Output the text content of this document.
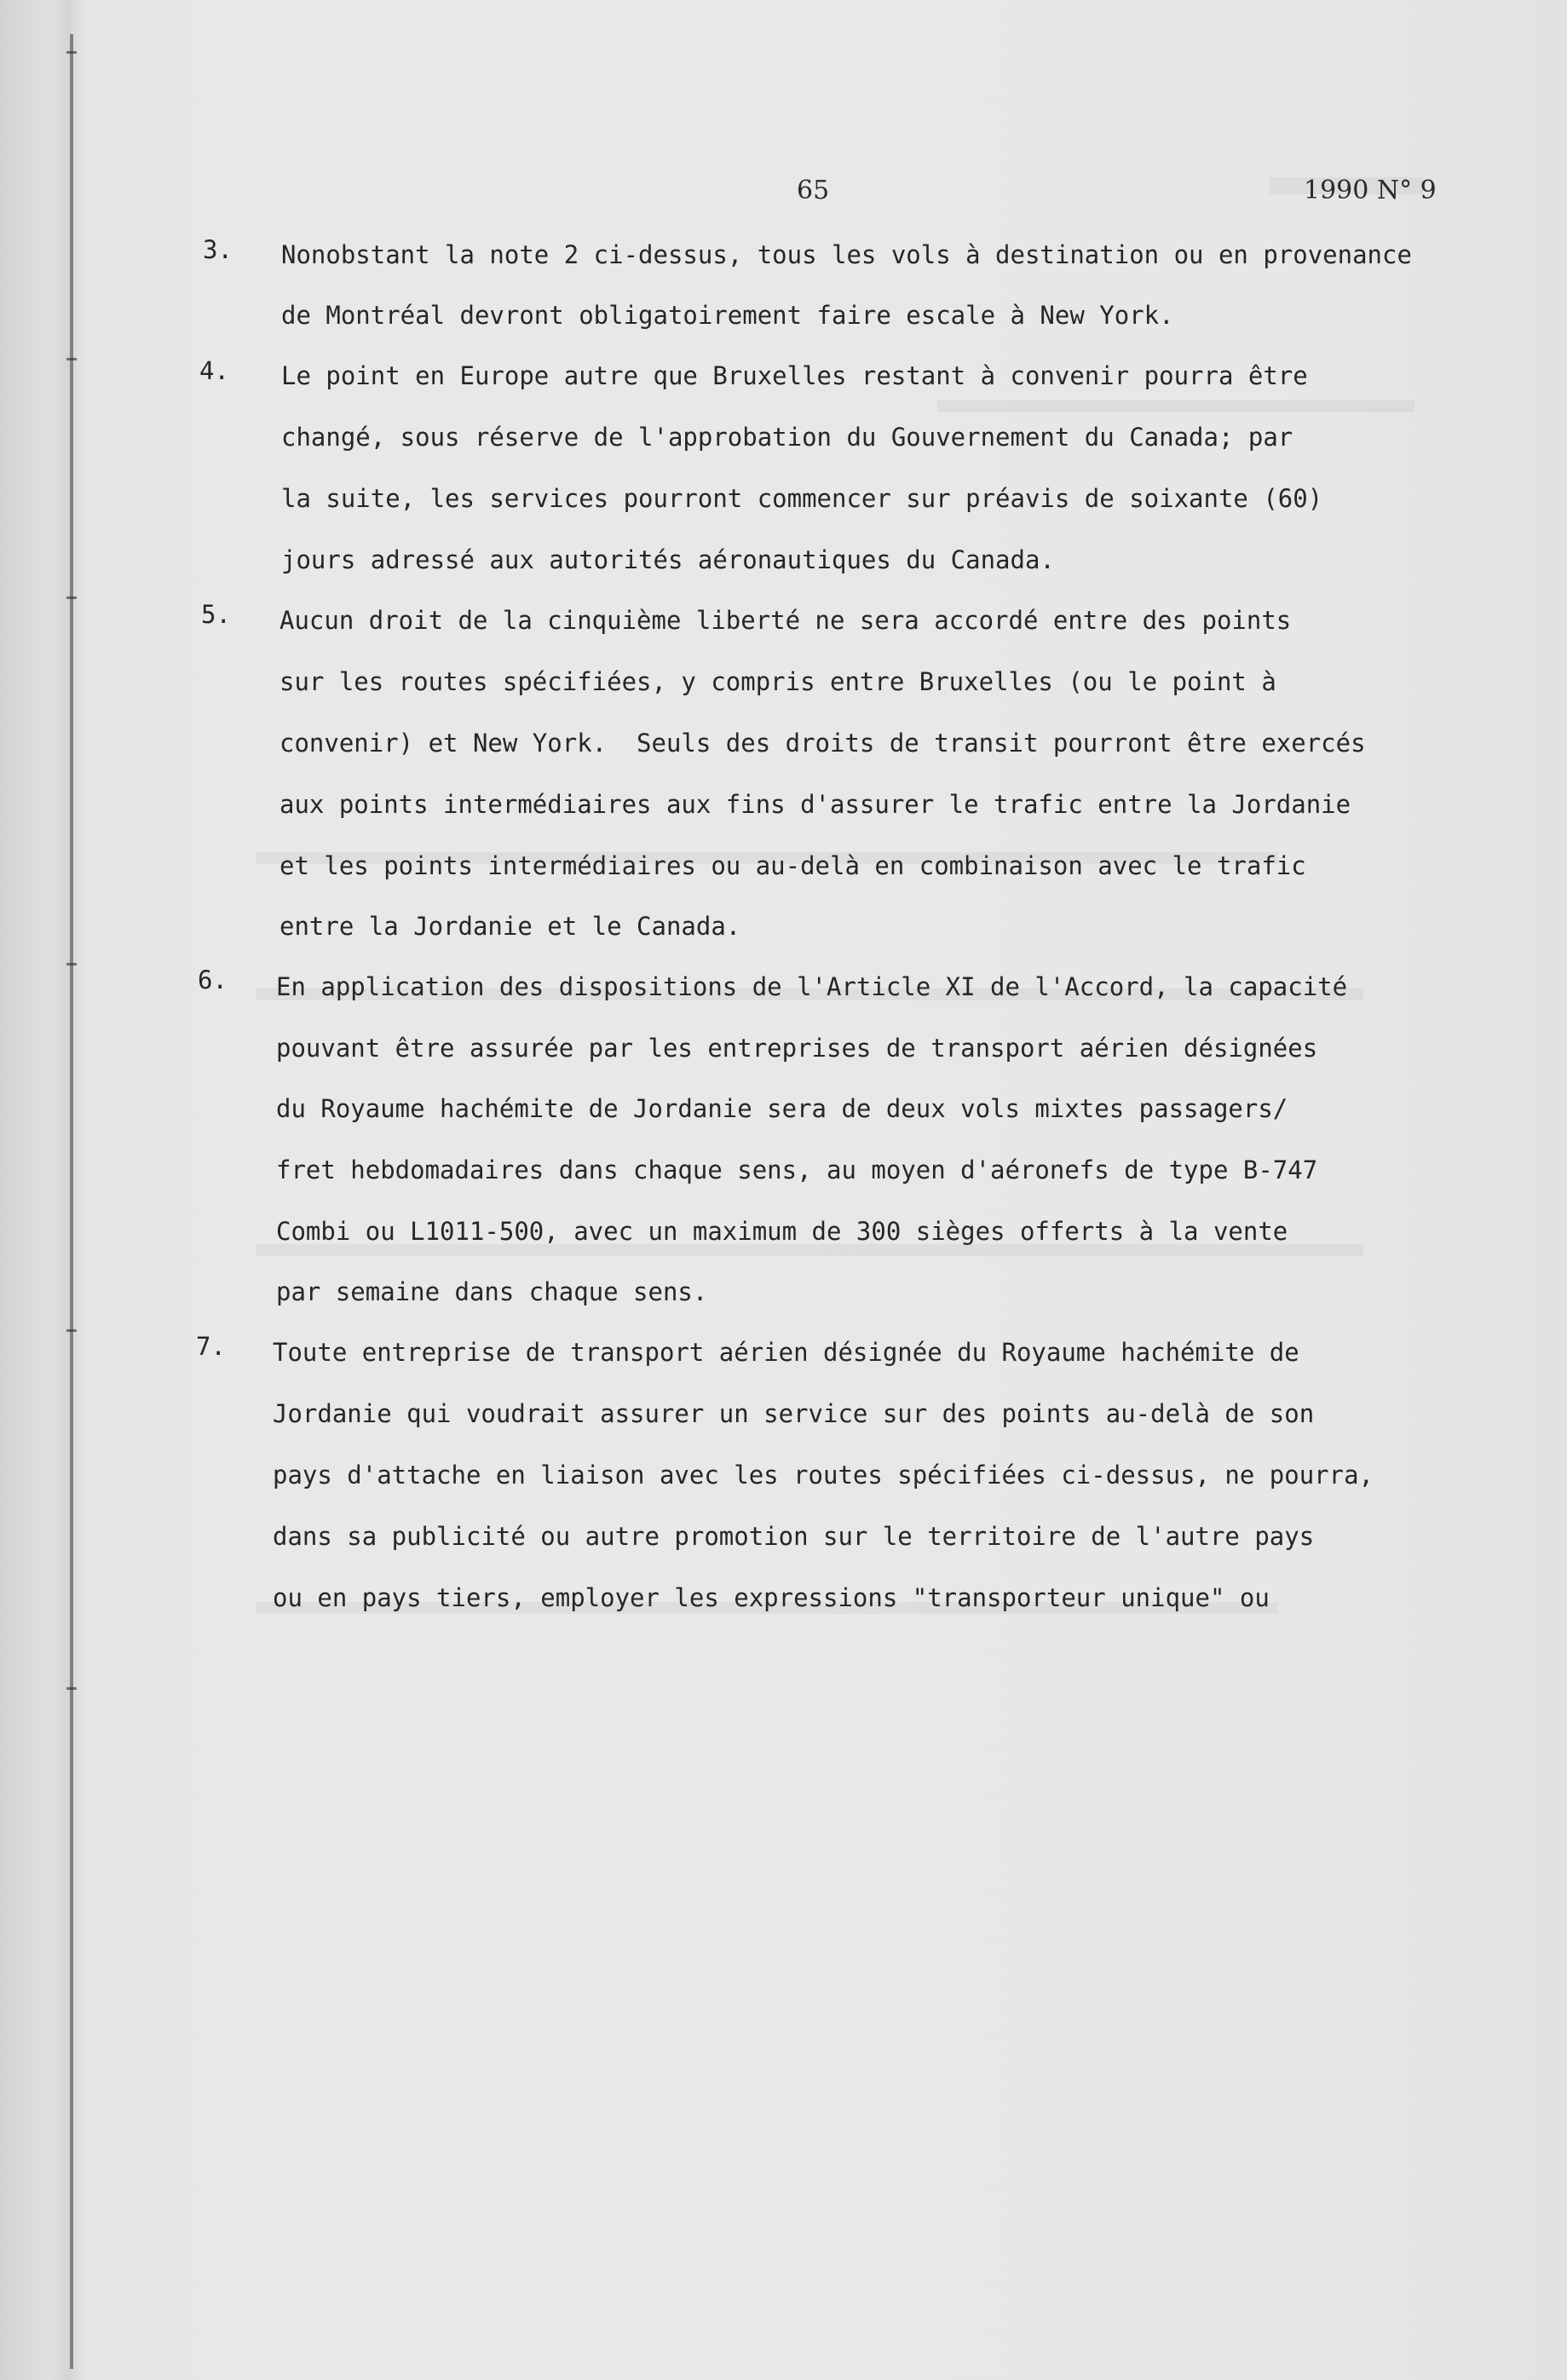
65	1990 N° 9
3. Nonobstant la note 2 ci-dessus, tous les vols à destination ou en provenance
de Montréal devront obligatoirement faire escale à New York.
4. Le point en Europe autre que Bruxelles restant à convenir pourra être
changé, sous réserve de l'approbation du Gouvernement du Canada; par
la suite, les services pourront commencer sur préavis de soixante (60)
jours adressé aux autorités aéronautiques du Canada.
5. Aucun droit de la cinquième liberté ne sera accordé entre des points
sur les routes spécifiées, y compris entre Bruxelles (ou le point à
convenir) et New York.  Seuls des droits de transit pourront être exercés
aux points intermédiaires aux fins d'assurer le trafic entre la Jordanie
et les points intermédiaires ou au-delà en combinaison avec le trafic
entre la Jordanie et le Canada.
6. En application des dispositions de l'Article XI de l'Accord, la capacité
pouvant être assurée par les entreprises de transport aérien désignées
du Royaume hachémite de Jordanie sera de deux vols mixtes passagers/
fret hebdomadaires dans chaque sens, au moyen d'aéronefs de type B-747
Combi ou L1011-500, avec un maximum de 300 sièges offerts à la vente
par semaine dans chaque sens.
7. Toute entreprise de transport aérien désignée du Royaume hachémite de
Jordanie qui voudrait assurer un service sur des points au-delà de son
pays d'attache en liaison avec les routes spécifiées ci-dessus, ne pourra,
dans sa publicité ou autre promotion sur le territoire de l'autre pays
ou en pays tiers, employer les expressions "transporteur unique" ou
